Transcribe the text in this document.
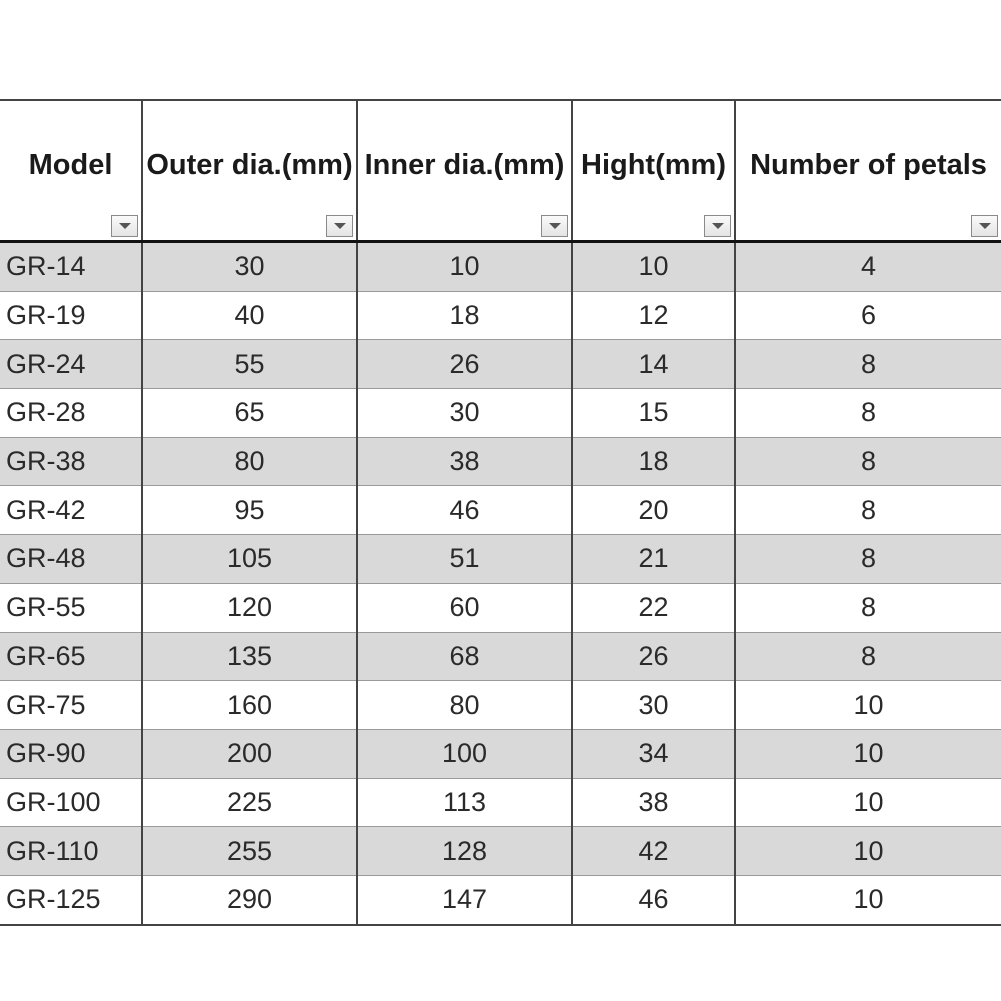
Model	Outer dia.(mm)	Inner dia.(mm)	Hight(mm)	Number of petals

GR-14	30	10	10	4
GR-19	40	18	12	6
GR-24	55	26	14	8
GR-28	65	30	15	8
GR-38	80	38	18	8
GR-42	95	46	20	8
GR-48	105	51	21	8
GR-55	120	60	22	8
GR-65	135	68	26	8
GR-75	160	80	30	10
GR-90	200	100	34	10
GR-100	225	113	38	10
GR-110	255	128	42	10
GR-125	290	147	46	10
